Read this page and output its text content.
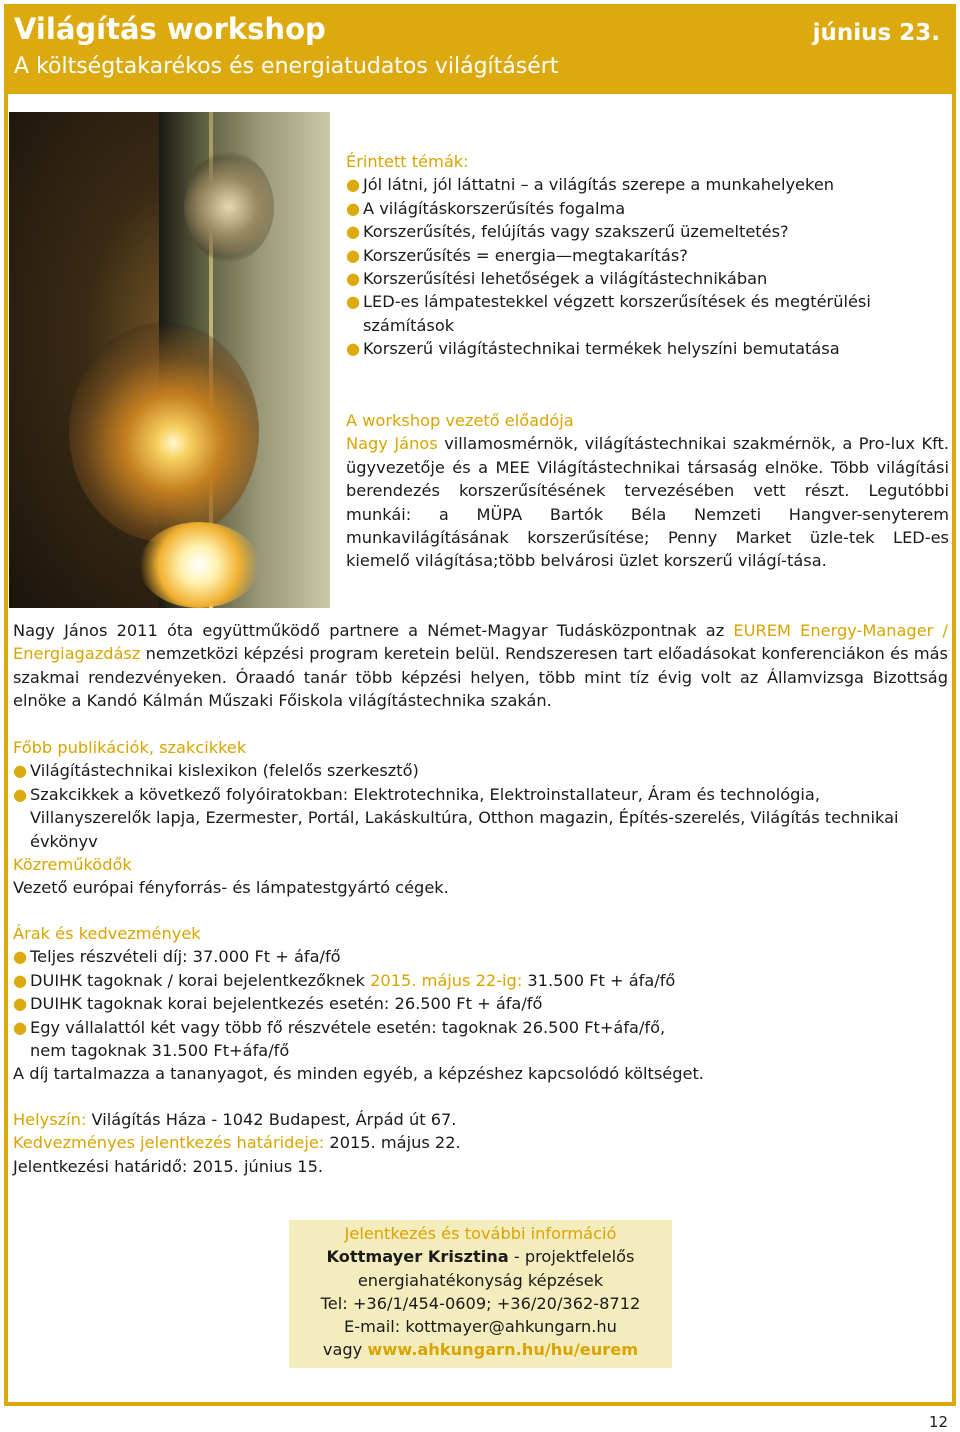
Világítás workshop
A költségtakarékos és energiatudatos világításért
június 23.
Érintett témák:
● Jól látni, jól láttatni – a világítás szerepe a munkahelyeken
● A világításkorszerűsítés fogalma
● Korszerűsítés, felújítás vagy szakszerű üzemeltetés?
● Korszerűsítés = energia—megtakarítás?
● Korszerűsítési lehetőségek a világítástechnikában
● LED-es lámpatestekkel végzett korszerűsítések és megtérülési
számítások
● Korszerű világítástechnikai termékek helyszíni bemutatása
A workshop vezető előadója
Nagy János villamosmérnök, világítástechnikai szakmérnök, a Pro-lux Kft. ügyvezetője és a MEE Világítástechnikai társaság elnöke. Több világítási berendezés korszerűsítésének tervezésében vett részt. Legutóbbi munkái: a MÜPA Bartók Béla Nemzeti Hangver-senyterem munkavilágításának korszerűsítése; Penny Market üzle-tek LED-es kiemelő világítása;több belvárosi üzlet korszerű világí-tása.
Nagy János 2011 óta együttműködő partnere a Német-Magyar Tudásközpontnak az EUREM Energy-Manager / Energiagazdász nemzetközi képzési program keretein belül. Rendszeresen tart előadásokat konferenciákon és más szakmai rendezvényeken. Óraadó tanár több képzési helyen, több mint tíz évig volt az Államvizsga Bizottság elnöke a Kandó Kálmán Műszaki Főiskola világítástechnika szakán.
Főbb publikációk, szakcikkek
● Világítástechnikai kislexikon (felelős szerkesztő)
● Szakcikkek a következő folyóiratokban: Elektrotechnika, Elektroinstallateur, Áram és technológia, Villanyszerelők lapja, Ezermester, Portál, Lakáskultúra, Otthon magazin, Építés-szerelés, Világítás technikai évkönyv
Közreműködők
Vezető európai fényforrás- és lámpatestgyártó cégek.
Árak és kedvezmények
● Teljes részvételi díj: 37.000 Ft + áfa/fő
● DUIHK tagoknak / korai bejelentkezőknek 2015. május 22-ig: 31.500 Ft + áfa/fő
● DUIHK tagoknak korai bejelentkezés esetén: 26.500 Ft + áfa/fő
● Egy vállalattól két vagy több fő részvétele esetén: tagoknak 26.500 Ft+áfa/fő,
nem tagoknak 31.500 Ft+áfa/fő
A díj tartalmazza a tananyagot, és minden egyéb, a képzéshez kapcsolódó költséget.
Helyszín: Világítás Háza - 1042 Budapest, Árpád út 67.
Kedvezményes jelentkezés határideje: 2015. május 22.
Jelentkezési határidő: 2015. június 15.
Jelentkezés és további információ
Kottmayer Krisztina - projektfelelős
energiahatékonyság képzések
Tel: +36/1/454-0609; +36/20/362-8712
E-mail: kottmayer@ahkungarn.hu
vagy www.ahkungarn.hu/hu/eurem
12
